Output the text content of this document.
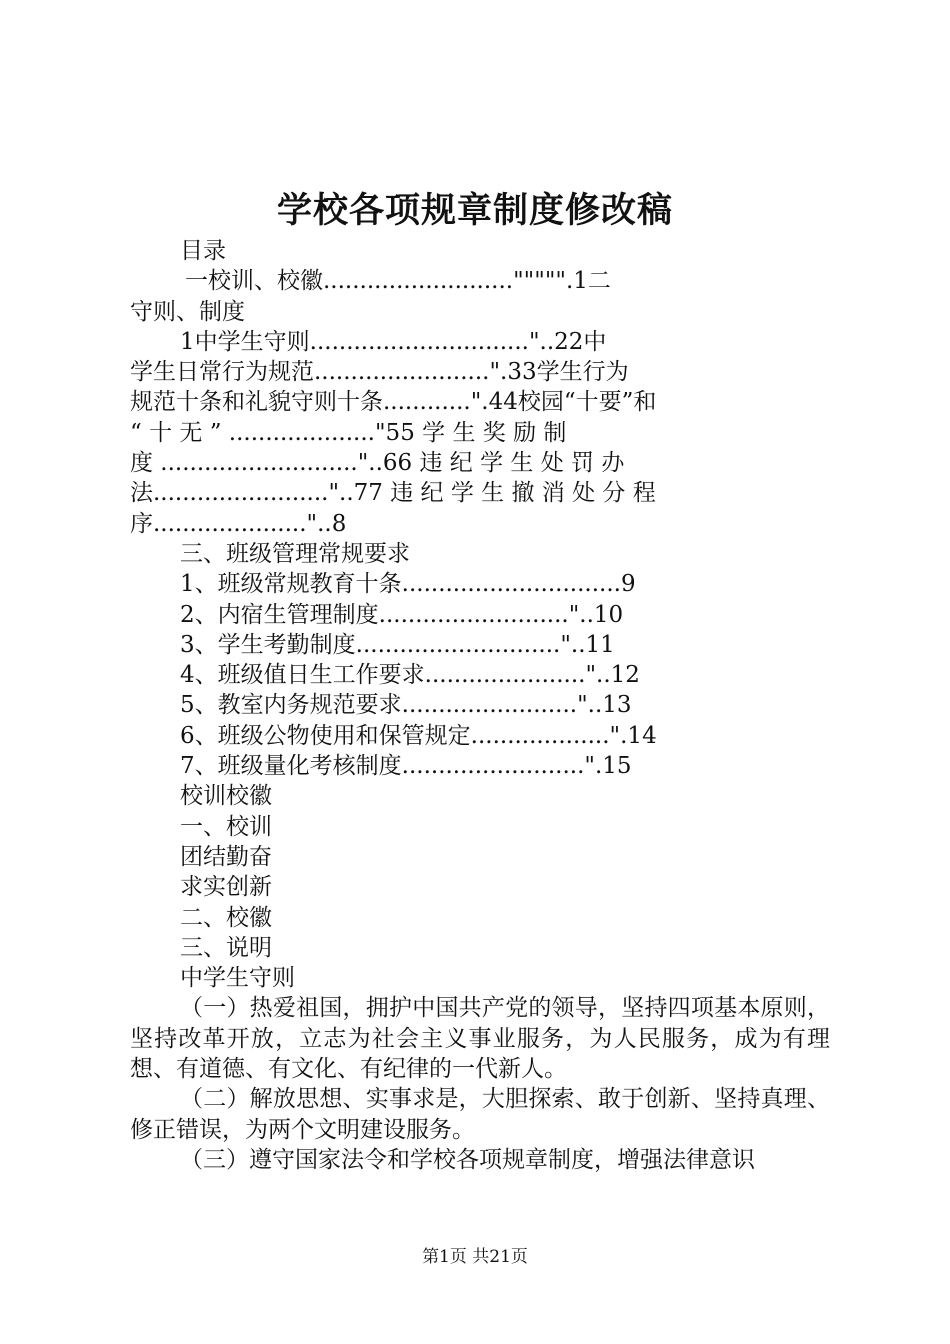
学校各项规章制度修改稿
目录
一校训、校徽..........................""""".1二
守则、制度
1中学生守则.............................."..22中
学生日常行为规范........................".33学生行为
规范十条和礼貌守则十条............".44校园“十要”和
“ 十 无 ” ...................."55 学 生 奖 励 制
度 ..........................."..66 违 纪 学 生 处 罚 办
法........................"..77 违 纪 学 生 撤 消 处 分 程
序....................."..8
三、班级管理常规要求
1、班级常规教育十条..............................9
2、内宿生管理制度.........................."..10
3、学生考勤制度............................"..11
4、班级值日生工作要求......................"..12
5、教室内务规范要求........................"..13
6、班级公物使用和保管规定...................".14
7、班级量化考核制度.........................".15
校训校徽
一、校训
团结勤奋
求实创新
二、校徽
三、说明
中学生守则
（一）热爱祖国，拥护中国共产党的领导，坚持四项基本原则，坚持改革开放，立志为社会主义事业服务，为人民服务，成为有理想、有道德、有文化、有纪律的一代新人。
（二）解放思想、实事求是，大胆探索、敢于创新、坚持真理、修正错误，为两个文明建设服务。
（三）遵守国家法令和学校各项规章制度，增强法律意识
第1页 共21页
